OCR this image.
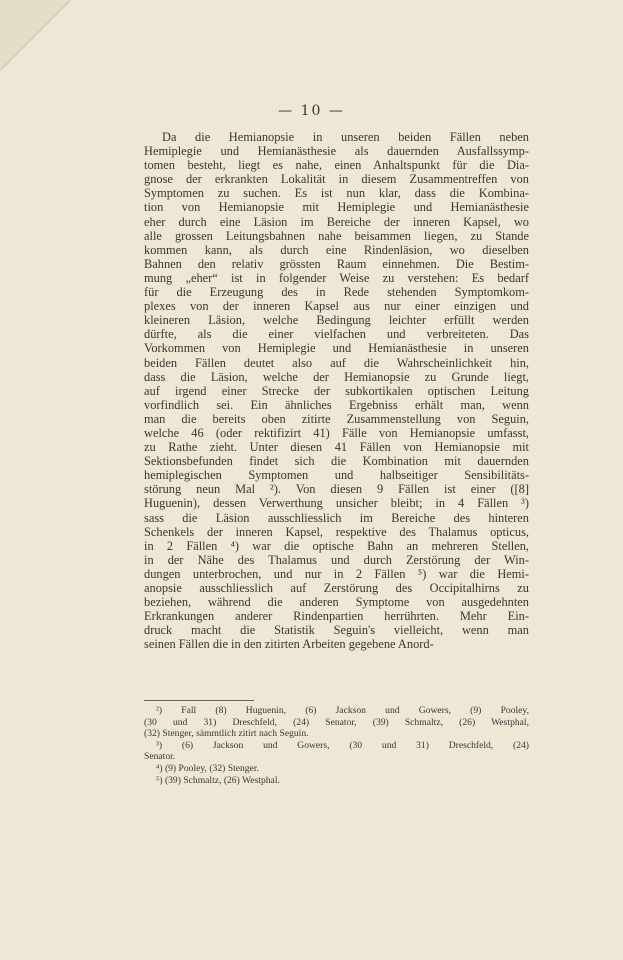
— 10 —
Da die Hemianopsie in unseren beiden Fällen neben
Hemiplegie und Hemianästhesie als dauernden Ausfallssymp-
tomen besteht, liegt es nahe, einen Anhaltspunkt für die Dia-
gnose der erkrankten Lokalität in diesem Zusammentreffen von
Symptomen zu suchen. Es ist nun klar, dass die Kombina-
tion von Hemianopsie mit Hemiplegie und Hemianästhesie
eher durch eine Läsion im Bereiche der inneren Kapsel, wo
alle grossen Leitungsbahnen nahe beisammen liegen, zu Stande
kommen kann, als durch eine Rindenläsion, wo dieselben
Bahnen den relativ grössten Raum einnehmen. Die Bestim-
mung „eher“ ist in folgender Weise zu verstehen: Es bedarf
für die Erzeugung des in Rede stehenden Symptomkom-
plexes von der inneren Kapsel aus nur einer einzigen und
kleineren Läsion, welche Bedingung leichter erfüllt werden
dürfte, als die einer vielfachen und verbreiteten. Das
Vorkommen von Hemiplegie und Hemianästhesie in unseren
beiden Fällen deutet also auf die Wahrscheinlichkeit hin,
dass die Läsion, welche der Hemianopsie zu Grunde liegt,
auf irgend einer Strecke der subkortikalen optischen Leitung
vorfindlich sei. Ein ähnliches Ergebniss erhält man, wenn
man die bereits oben zitirte Zusammenstellung von Seguin,
welche 46 (oder rektifizirt 41) Fälle von Hemianopsie umfasst,
zu Rathe zieht. Unter diesen 41 Fällen von Hemianopsie mit
Sektionsbefunden findet sich die Kombination mit dauernden
hemiplegischen Symptomen und halbseitiger Sensibilitäts-
störung neun Mal ²). Von diesen 9 Fällen ist einer ([8]
Huguenin), dessen Verwerthung unsicher bleibt; in 4 Fällen ³)
sass die Läsion ausschliesslich im Bereiche des hinteren
Schenkels der inneren Kapsel, respektive des Thalamus opticus,
in 2 Fällen ⁴) war die optische Bahn an mehreren Stellen,
in der Nähe des Thalamus und durch Zerstörung der Win-
dungen unterbrochen, und nur in 2 Fällen ⁵) war die Hemi-
anopsie ausschliesslich auf Zerstörung des Occipitalhirns zu
beziehen, während die anderen Symptome von ausgedehnten
Erkrankungen anderer Rindenpartien herrührten. Mehr Ein-
druck macht die Statistik Seguin's vielleicht, wenn man
seinen Fällen die in den zitirten Arbeiten gegebene Anord-
²) Fall (8) Huguenin, (6) Jackson und Gowers, (9) Pooley,
(30 und 31) Dreschfeld, (24) Senator, (39) Schmaltz, (26) Westphal,
(32) Stenger, sämmtlich zitirt nach Seguin.
³) (6) Jackson und Gowers, (30 und 31) Dreschfeld, (24)
Senator.
⁴) (9) Pooley, (32) Stenger.
⁵) (39) Schmaltz, (26) Westphal.
